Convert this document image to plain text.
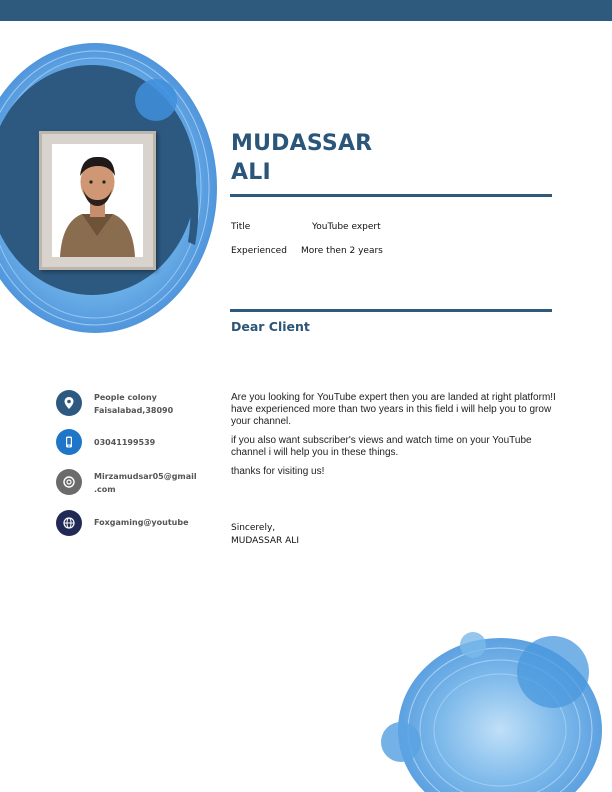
MUDASSAR
ALI
Title	YouTube expert
Experienced More then 2 years
Dear Client
People colony
Faisalabad,38090
03041199539
Mirzamudsar05@gmail.com
Foxgaming@youtube
Are you looking for YouTube expert then you are landed at right platform!I have experienced more than two years in this field i will help you to grow your channel.
if you also want subscriber's views and watch time on your YouTube channel i will help you in these things.
thanks for visiting us!
Sincerely,
MUDASSAR ALI
